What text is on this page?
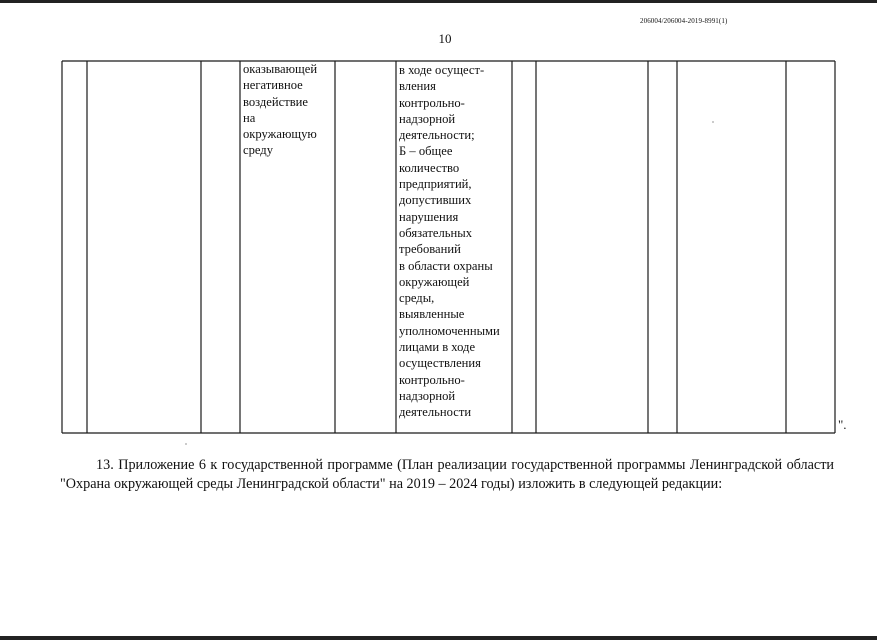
206004/206004-2019-8991(1)
10
оказывающей
негативное
воздействие
на
окружающую
среду
в ходе осущест-
вления
контрольно-
надзорной
деятельности;
Б – общее
количество
предприятий,
допустивших
нарушения
обязательных
требований
в области охраны
окружающей
среды,
выявленные
уполномоченными
лицами в ходе
осуществления
контрольно-
надзорной
деятельности
".
13. Приложение 6 к государственной программе (План реализации государственной программы Ленинградской области
"Охрана окружающей среды Ленинградской области" на 2019 – 2024 годы) изложить в следующей редакции:
